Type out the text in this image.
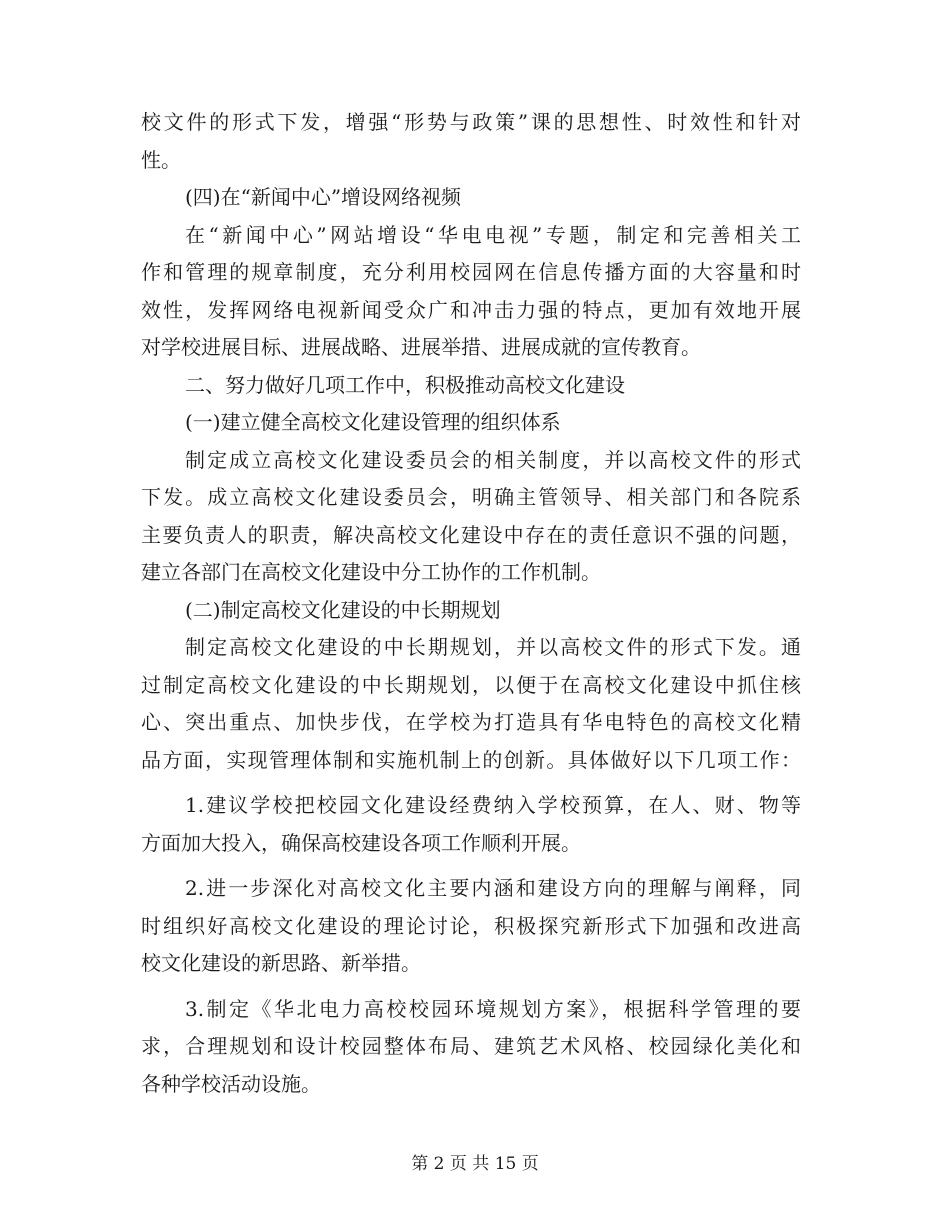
校文件的形式下发，增强“形势与政策”课的思想性、时效性和针对
性。
(四)在“新闻中心”增设网络视频
在“新闻中心”网站增设“华电电视”专题，制定和完善相关工
作和管理的规章制度，充分利用校园网在信息传播方面的大容量和时
效性，发挥网络电视新闻受众广和冲击力强的特点，更加有效地开展
对学校进展目标、进展战略、进展举措、进展成就的宣传教育。
二、努力做好几项工作中，积极推动高校文化建设
(一)建立健全高校文化建设管理的组织体系
制定成立高校文化建设委员会的相关制度，并以高校文件的形式
下发。成立高校文化建设委员会，明确主管领导、相关部门和各院系
主要负责人的职责，解决高校文化建设中存在的责任意识不强的问题，
建立各部门在高校文化建设中分工协作的工作机制。
(二)制定高校文化建设的中长期规划
制定高校文化建设的中长期规划，并以高校文件的形式下发。通
过制定高校文化建设的中长期规划，以便于在高校文化建设中抓住核
心、突出重点、加快步伐，在学校为打造具有华电特色的高校文化精
品方面，实现管理体制和实施机制上的创新。具体做好以下几项工作：
1.建议学校把校园文化建设经费纳入学校预算，在人、财、物等
方面加大投入，确保高校建设各项工作顺利开展。
2.进一步深化对高校文化主要内涵和建设方向的理解与阐释，同
时组织好高校文化建设的理论讨论，积极探究新形式下加强和改进高
校文化建设的新思路、新举措。
3.制定《华北电力高校校园环境规划方案》，根据科学管理的要
求，合理规划和设计校园整体布局、建筑艺术风格、校园绿化美化和
各种学校活动设施。
第 2 页 共 15 页
